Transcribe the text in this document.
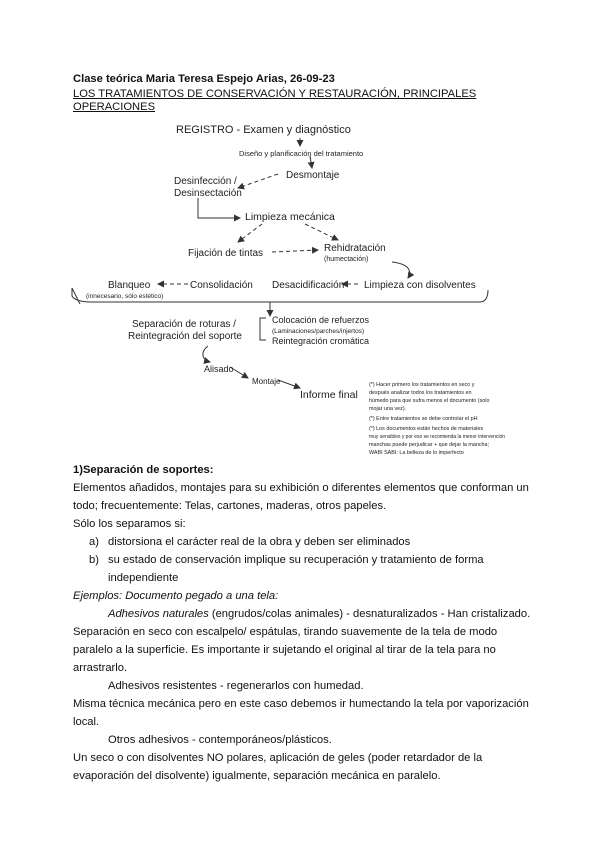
Clase teórica Maria Teresa Espejo Arias, 26-09-23
LOS TRATAMIENTOS DE CONSERVACIÓN Y RESTAURACIÓN, PRINCIPALES
OPERACIONES
REGISTRO - Examen y diagnóstico
Diseño y planificación del tratamiento
Desinfección /
Desinsectación
Desmontaje
Limpieza mecánica
Fijación de tintas	Rehidratación
(humectación)
Blanqueo
(innecesario, sólo estético)
Consolidación Desacidificación Limpieza con disolventes
Separación de roturas /
Reintegración del soporte
Colocación de refuerzos
(Laminaciones/parches/injertos)
Reintegración cromática
Alisado
Montaje
Informe final
(*) Hacer primero los tratamientos en seco y
después analizar todos los tratamientos en
húmedo para que sufra menos el documento (solo
mojar una vez).
(*) Entre tratamientos se debe controlar el pH
(*) Los documentos están hechos de materiales
muy sensibles y por eso se recomienda la menor intervención
manchas puede perjudicar + que dejar la mancha;
WABI SABI: La belleza de lo imperfecto

1)Separación de soportes:

Elementos añadidos, montajes para su exhibición o diferentes elementos que conforman un

todo; frecuentemente: Telas, cartones, maderas, otros papeles.

Sólo los separamos si:

a) distorsiona el carácter real de la obra y deben ser eliminados
b) su estado de conservación implique su recuperación y tratamiento de forma

independiente

Ejemplos: Documento pegado a una tela:

Adhesivos naturales (engrudos/colas animales) - desnaturalizados - Han cristalizado.

Separación en seco con escalpelo/ espátulas, tirando suavemente de la tela de modo

paralelo a la superficie. Es importante ir sujetando el original al tirar de la tela para no

arrastrarlo.

Adhesivos resistentes - regenerarlos con humedad.

Misma técnica mecánica pero en este caso debemos ir humectando la tela por vaporización

local.

Otros adhesivos - contemporáneos/plásticos.

Un seco o con disolventes NO polares, aplicación de geles (poder retardador de la

evaporación del disolvente) igualmente, separación mecánica en paralelo.
